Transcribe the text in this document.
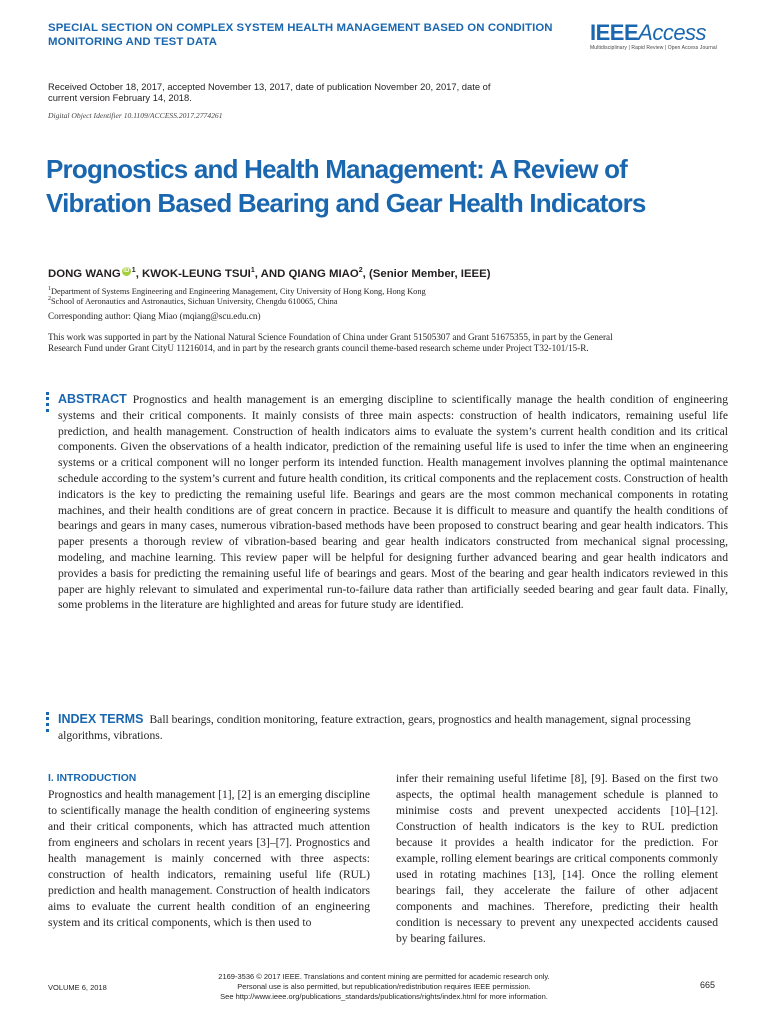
SPECIAL SECTION ON COMPLEX SYSTEM HEALTH MANAGEMENT BASED ON CONDITION MONITORING AND TEST DATA	IEEEAccess
Multidisciplinary | Rapid Review | Open Access Journal
Received October 18, 2017, accepted November 13, 2017, date of publication November 20, 2017, date of current version February 14, 2018.
Digital Object Identifier 10.1109/ACCESS.2017.2774261
Prognostics and Health Management: A Review of Vibration Based Bearing and Gear Health Indicators
DONG WANG iD $^1$, KWOK-LEUNG TSUI$^1$, AND QIANG MIAO$^2$, (Senior Member, IEEE)
$^1$Department of Systems Engineering and Engineering Management, City University of Hong Kong, Hong Kong
$^2$School of Aeronautics and Astronautics, Sichuan University, Chengdu 610065, China
Corresponding author: Qiang Miao (mqiang@scu.edu.cn)
This work was supported in part by the National Natural Science Foundation of China under Grant 51505307 and Grant 51675355, in part by the General Research Fund under Grant CityU 11216014, and in part by the research grants council theme-based research scheme under Project T32-101/15-R.
ABSTRACT Prognostics and health management is an emerging discipline to scientifically manage the health condition of engineering systems and their critical components. It mainly consists of three main aspects: construction of health indicators, remaining useful life prediction, and health management. Construction of health indicators aims to evaluate the system’s current health condition and its critical components. Given the observations of a health indicator, prediction of the remaining useful life is used to infer the time when an engineering systems or a critical component will no longer perform its intended function. Health management involves planning the optimal maintenance schedule according to the system’s current and future health condition, its critical components and the replacement costs. Construction of health indicators is the key to predicting the remaining useful life. Bearings and gears are the most common mechanical components in rotating machines, and their health conditions are of great concern in practice. Because it is difficult to measure and quantify the health conditions of bearings and gears in many cases, numerous vibration-based methods have been proposed to construct bearing and gear health indicators. This paper presents a thorough review of vibration-based bearing and gear health indicators constructed from mechanical signal processing, modeling, and machine learning. This review paper will be helpful for designing further advanced bearing and gear health indicators and provides a basis for predicting the remaining useful life of bearings and gears. Most of the bearing and gear health indicators reviewed in this paper are highly relevant to simulated and experimental run-to-failure data rather than artificially seeded bearing and gear fault data. Finally, some problems in the literature are highlighted and areas for future study are identified.
INDEX TERMS Ball bearings, condition monitoring, feature extraction, gears, prognostics and health management, signal processing algorithms, vibrations.
I. INTRODUCTION
Prognostics and health management [1], [2] is an emerging discipline to scientifically manage the health condition of engineering systems and their critical components, which has attracted much attention from engineers and scholars in recent years [3]–[7]. Prognostics and health management is mainly concerned with three aspects: construction of health indicators, remaining useful life (RUL) prediction and health management. Construction of health indicators aims to evaluate the current health condition of an engineering system and its critical components, which is then used to
infer their remaining useful lifetime [8], [9]. Based on the first two aspects, the optimal health management schedule is planned to minimise costs and prevent unexpected accidents [10]–[12]. Construction of health indicators is the key to RUL prediction because it provides a health indicator for the prediction. For example, rolling element bearings are critical components commonly used in rotating machines [13], [14]. Once the rolling element bearings fail, they accelerate the failure of other adjacent components and machines. Therefore, predicting their health condition is necessary to prevent any unexpected accidents caused by bearing failures.
VOLUME 6, 2018
2169-3536 © 2017 IEEE. Translations and content mining are permitted for academic research only.
Personal use is also permitted, but republication/redistribution requires IEEE permission.
See http://www.ieee.org/publications_standards/publications/rights/index.html for more information.
665
